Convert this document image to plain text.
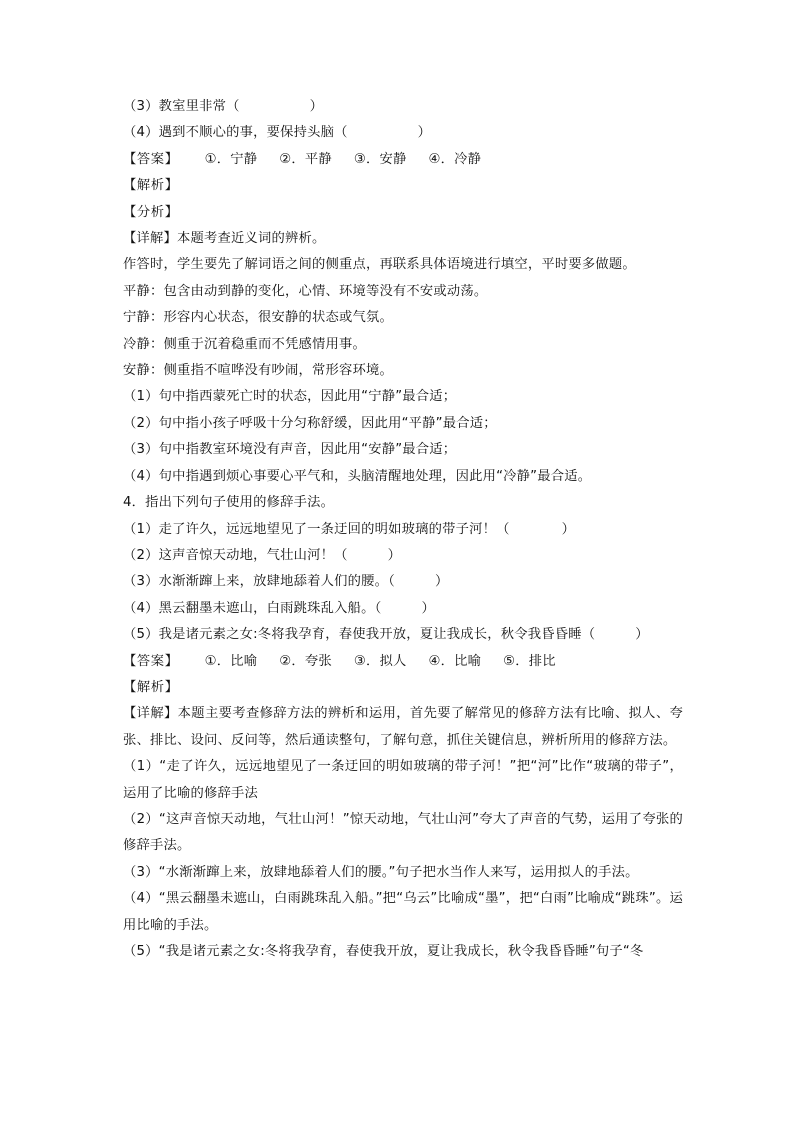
（3）教室里非常（	）

（4）遇到不顺心的事，要保持头脑（	）

【答案】 ①．宁静 ②．平静 ③．安静 ④．冷静

【解析】

【分析】

【详解】本题考查近义词的辨析。

作答时，学生要先了解词语之间的侧重点，再联系具体语境进行填空，平时要多做题。

平静：包含由动到静的变化，心情、环境等没有不安或动荡。

宁静：形容内心状态，很安静的状态或气氛。

冷静：侧重于沉着稳重而不凭感情用事。

安静：侧重指不喧哗没有吵闹，常形容环境。

（1）句中指西蒙死亡时的状态，因此用“宁静”最合适；

（2）句中指小孩子呼吸十分匀称舒缓，因此用“平静”最合适；

（3）句中指教室环境没有声音，因此用“安静”最合适；

（4）句中指遇到烦心事要心平气和，头脑清醒地处理，因此用“冷静”最合适。

4．指出下列句子使用的修辞手法。

（1）走了许久，远远地望见了一条迂回的明如玻璃的带子河！（	）

（2）这声音惊天动地，气壮山河！（	）

（3）水渐渐蹿上来，放肆地舔着人们的腰。（	）

（4）黑云翻墨未遮山，白雨跳珠乱入船。（	）

（5）我是诸元素之女:冬将我孕育，春使我开放，夏让我成长，秋令我昏昏睡（	）

【答案】 ①．比喻 ②．夸张 ③．拟人 ④．比喻 ⑤．排比

【解析】

【详解】本题主要考查修辞方法的辨析和运用，首先要了解常见的修辞方法有比喻、拟人、夸张、排比、设问、反问等，然后通读整句，了解句意，抓住关键信息，辨析所用的修辞方法。

（1）“走了许久，远远地望见了一条迂回的明如玻璃的带子河！”把“河”比作“玻璃的带子”，运用了比喻的修辞手法

（2）“这声音惊天动地，气壮山河！”惊天动地，气壮山河”夸大了声音的气势，运用了夸张的修辞手法。

（3）“水渐渐蹿上来，放肆地舔着人们的腰。”句子把水当作人来写，运用拟人的手法。

（4）“黑云翻墨未遮山，白雨跳珠乱入船。”把“乌云”比喻成“墨”，把“白雨”比喻成“跳珠”。运用比喻的手法。

（5）“我是诸元素之女:冬将我孕育，春使我开放，夏让我成长，秋令我昏昏睡”句子“冬
